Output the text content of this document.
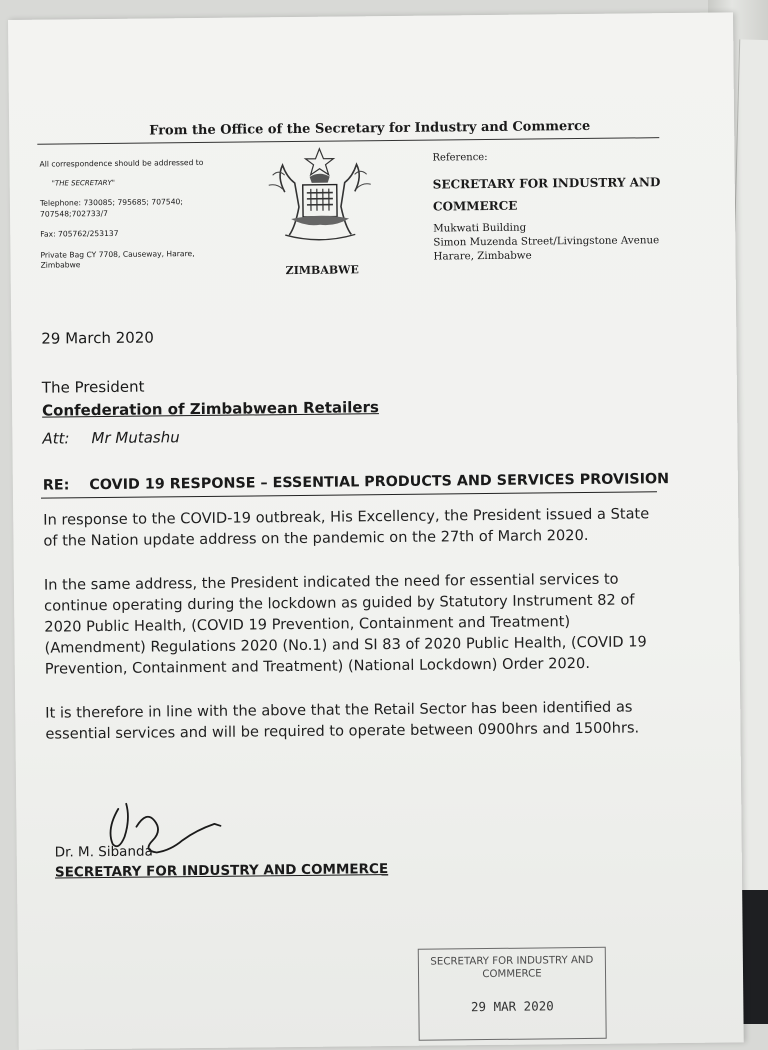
From the Office of the Secretary for Industry and Commerce
All correspondence should be addressed to
"THE SECRETARY"
Telephone: 730085; 795685; 707540;
707548;702733/7
Fax: 705762/253137
Private Bag CY 7708, Causeway, Harare,
Zimbabwe	ZIMBABWE
Reference:
SECRETARY FOR INDUSTRY AND COMMERCE
Mukwati Building
Simon Muzenda Street/Livingstone Avenue
Harare, Zimbabwe
29 March 2020
The President
Confederation of Zimbabwean Retailers
Att: Mr Mutashu
RE: COVID 19 RESPONSE – ESSENTIAL PRODUCTS AND SERVICES PROVISION
In response to the COVID-19 outbreak, His Excellency, the President issued a State of the Nation update address on the pandemic on the 27th of March 2020.
In the same address, the President indicated the need for essential services to continue operating during the lockdown as guided by Statutory Instrument 82 of 2020 Public Health, (COVID 19 Prevention, Containment and Treatment) (Amendment) Regulations 2020 (No.1) and SI 83 of 2020 Public Health, (COVID 19 Prevention, Containment and Treatment) (National Lockdown) Order 2020.
It is therefore in line with the above that the Retail Sector has been identified as essential services and will be required to operate between 0900hrs and 1500hrs.
Dr. M. Sibanda
SECRETARY FOR INDUSTRY AND COMMERCE
SECRETARY FOR INDUSTRY AND COMMERCE
29 MAR 2020
